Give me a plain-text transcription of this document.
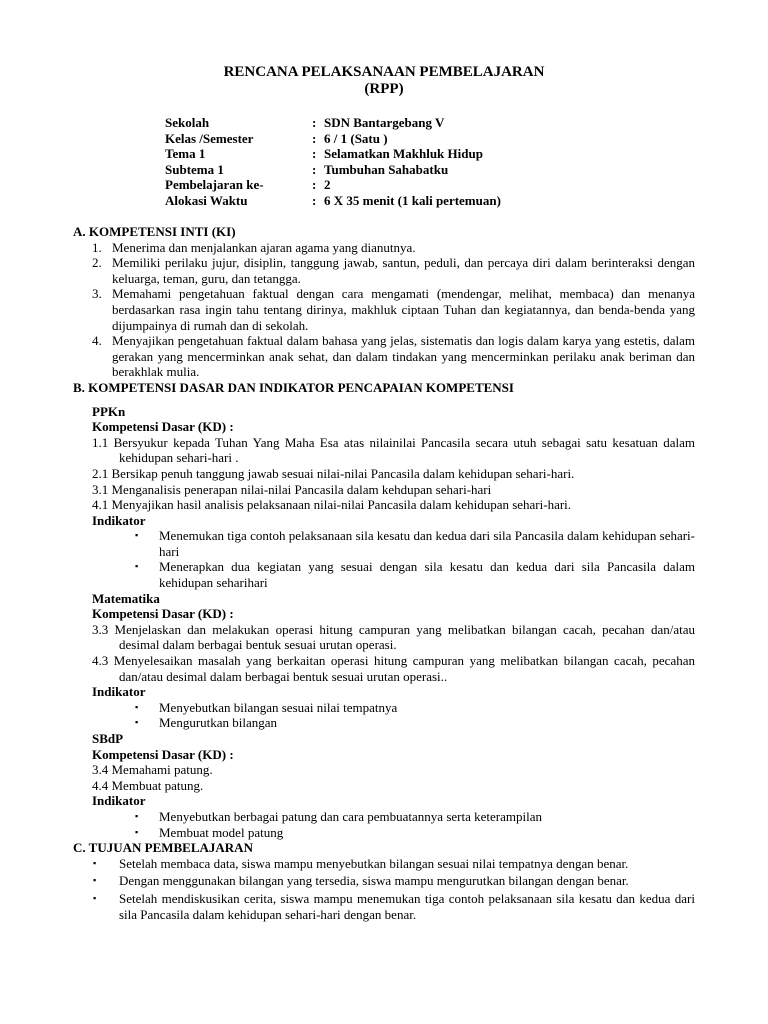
RENCANA PELAKSANAAN PEMBELAJARAN
(RPP)
Sekolah	: SDN Bantargebang V
Kelas /Semester	: 6 / 1 (Satu )
Tema 1	: Selamatkan Makhluk Hidup
Subtema 1	: Tumbuhan Sahabatku
Pembelajaran ke-	: 2
Alokasi Waktu	: 6 X 35 menit (1 kali pertemuan)
A. KOMPETENSI INTI (KI)
1. Menerima dan menjalankan ajaran agama yang dianutnya.
2. Memiliki perilaku jujur, disiplin, tanggung jawab, santun, peduli, dan percaya diri dalam berinteraksi dengan keluarga, teman, guru, dan tetangga.
3. Memahami pengetahuan faktual dengan cara mengamati (mendengar, melihat, membaca) dan menanya berdasarkan rasa ingin tahu tentang dirinya, makhluk ciptaan Tuhan dan kegiatannya, dan benda-benda yang dijumpainya di rumah dan di sekolah.
4. Menyajikan pengetahuan faktual dalam bahasa yang jelas, sistematis dan logis dalam karya yang estetis, dalam gerakan yang mencerminkan anak sehat, dan dalam tindakan yang mencerminkan perilaku anak beriman dan berakhlak mulia.
B. KOMPETENSI DASAR DAN INDIKATOR PENCAPAIAN KOMPETENSI
PPKn
Kompetensi Dasar (KD) :
1.1 Bersyukur kepada Tuhan Yang Maha Esa atas nilainilai Pancasila secara utuh sebagai satu kesatuan dalam kehidupan sehari-hari .
2.1 Bersikap penuh tanggung jawab sesuai nilai-nilai Pancasila dalam kehidupan sehari-hari.
3.1 Menganalisis penerapan nilai-nilai Pancasila dalam kehdupan sehari-hari
4.1 Menyajikan hasil analisis pelaksanaan nilai-nilai Pancasila dalam kehidupan sehari-hari.
Indikator
▪ Menemukan tiga contoh pelaksanaan sila kesatu dan kedua dari sila Pancasila dalam kehidupan sehari-hari
▪ Menerapkan dua kegiatan yang sesuai dengan sila kesatu dan kedua dari sila Pancasila dalam kehidupan seharihari
Matematika
Kompetensi Dasar (KD) :
3.3 Menjelaskan dan melakukan operasi hitung campuran yang melibatkan bilangan cacah, pecahan dan/atau desimal dalam berbagai bentuk sesuai urutan operasi.
4.3 Menyelesaikan masalah yang berkaitan operasi hitung campuran yang melibatkan bilangan cacah, pecahan dan/atau desimal dalam berbagai bentuk sesuai urutan operasi..
Indikator
▪ Menyebutkan bilangan sesuai nilai tempatnya
▪ Mengurutkan bilangan
SBdP
Kompetensi Dasar (KD) :
3.4 Memahami patung.
4.4 Membuat patung.
Indikator
▪ Menyebutkan berbagai patung dan cara pembuatannya serta keterampilan
▪ Membuat model patung
C. TUJUAN PEMBELAJARAN
▪ Setelah membaca data, siswa mampu menyebutkan bilangan sesuai nilai tempatnya dengan benar.
▪ Dengan menggunakan bilangan yang tersedia, siswa mampu mengurutkan bilangan dengan benar.
▪ Setelah mendiskusikan cerita, siswa mampu menemukan tiga contoh pelaksanaan sila kesatu dan kedua dari sila Pancasila dalam kehidupan sehari-hari dengan benar.
